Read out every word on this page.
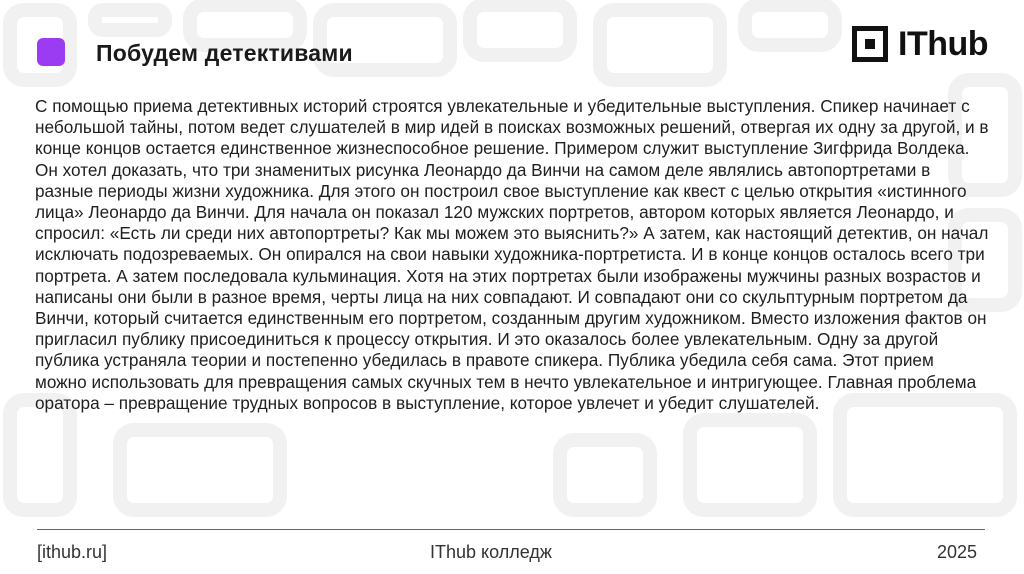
Побудем детективами	IThub

С помощью приема детективных историй строятся увлекательные и убедительные выступления. Спикер начинает с небольшой тайны, потом ведет слушателей в мир идей в поисках возможных решений, отвергая их одну за другой, и в конце концов остается единственное жизнеспособное решение. Примером служит выступление Зигфрида Волдека. Он хотел доказать, что три знаменитых рисунка Леонардо да Винчи на самом деле являлись автопортретами в разные периоды жизни художника. Для этого он построил свое выступление как квест с целью открытия «истинного лица» Леонардо да Винчи. Для начала он показал 120 мужских портретов, автором которых является Леонардо, и спросил: «Есть ли среди них автопортреты? Как мы можем это выяснить?» А затем, как настоящий детектив, он начал исключать подозреваемых. Он опирался на свои навыки художника-портретиста. И в конце концов осталось всего три портрета. А затем последовала кульминация. Хотя на этих портретах были изображены мужчины разных возрастов и написаны они были в разное время, черты лица на них совпадают. И совпадают они со скульптурным портретом да Винчи, который считается единственным его портретом, созданным другим художником. Вместо изложения фактов он пригласил публику присоединиться к процессу открытия. И это оказалось более увлекательным. Одну за другой публика устраняла теории и постепенно убедилась в правоте спикера. Публика убедила себя сама. Этот прием можно использовать для превращения самых скучных тем в нечто увлекательное и интригующее. Главная проблема оратора – превращение трудных вопросов в выступление, которое увлечет и убедит слушателей.

[ithub.ru]	IThub колледж	2025
